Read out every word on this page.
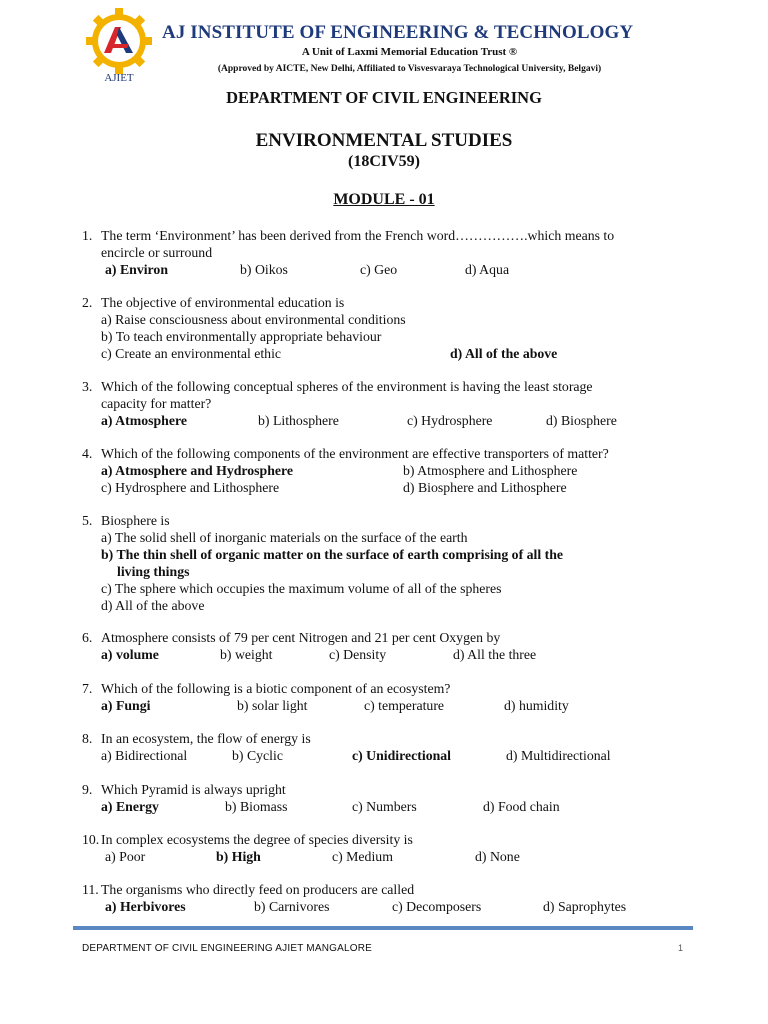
AJIET
AJ INSTITUTE OF ENGINEERING & TECHNOLOGY
A Unit of Laxmi Memorial Education Trust ®
(Approved by AICTE, New Delhi, Affiliated to Visvesvaraya Technological University, Belgavi)
DEPARTMENT OF CIVIL ENGINEERING
ENVIRONMENTAL STUDIES
(18CIV59)
MODULE - 01
1. The term ‘Environment’ has been derived from the French word…………….which means to
encircle or surround
a) Environ	b) Oikos	c) Geo	d) Aqua
2. The objective of environmental education is
a) Raise consciousness about environmental conditions
b) To teach environmentally appropriate behaviour
c) Create an environmental ethic	d) All of the above
3. Which of the following conceptual spheres of the environment is having the least storage
capacity for matter?
a) Atmosphere	b) Lithosphere	c) Hydrosphere	d) Biosphere
4. Which of the following components of the environment are effective transporters of matter?
a) Atmosphere and Hydrosphere	b) Atmosphere and Lithosphere
c) Hydrosphere and Lithosphere	d) Biosphere and Lithosphere
5. Biosphere is
a) The solid shell of inorganic materials on the surface of the earth
b) The thin shell of organic matter on the surface of earth comprising of all the
living things
c) The sphere which occupies the maximum volume of all of the spheres
d) All of the above
6. Atmosphere consists of 79 per cent Nitrogen and 21 per cent Oxygen by
a) volume	b) weight	c) Density	d) All the three
7. Which of the following is a biotic component of an ecosystem?
a) Fungi	b) solar light	c) temperature	d) humidity
8. In an ecosystem, the flow of energy is
a) Bidirectional	b) Cyclic	c) Unidirectional	d) Multidirectional
9. Which Pyramid is always upright
a) Energy	b) Biomass	c) Numbers	d) Food chain
10. In complex ecosystems the degree of species diversity is
a) Poor	b) High	c) Medium	d) None
11. The organisms who directly feed on producers are called
a) Herbivores	b) Carnivores	c) Decomposers	d) Saprophytes
DEPARTMENT OF CIVIL ENGINEERING AJIET MANGALORE	1
